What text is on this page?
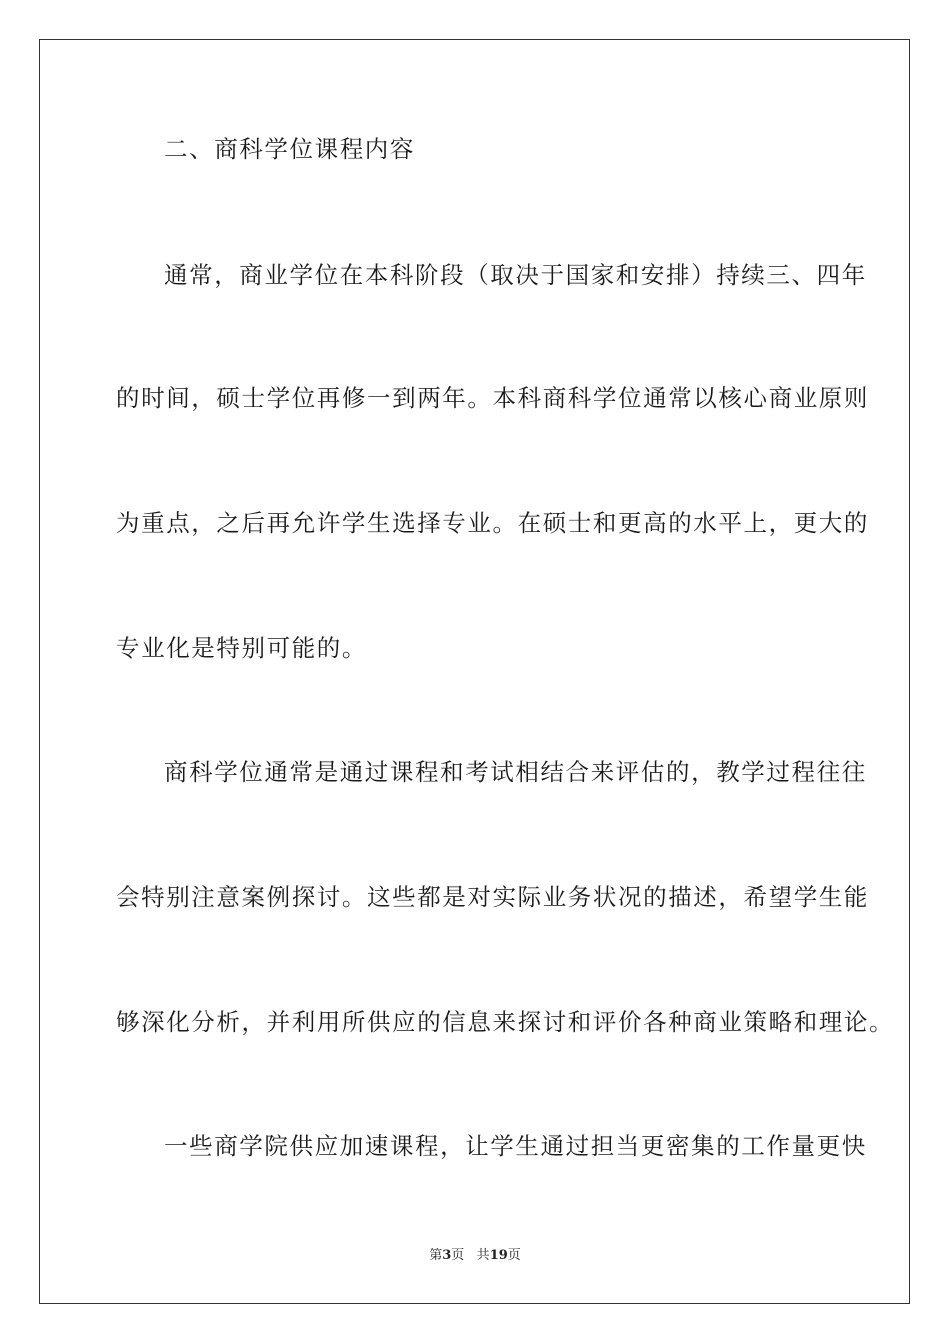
二、商科学位课程内容
通常，商业学位在本科阶段（取决于国家和安排）持续三、四年
的时间，硕士学位再修一到两年。本科商科学位通常以核心商业原则
为重点，之后再允许学生选择专业。在硕士和更高的水平上，更大的
专业化是特别可能的。
商科学位通常是通过课程和考试相结合来评估的，教学过程往往
会特别注意案例探讨。这些都是对实际业务状况的描述，希望学生能
够深化分析，并利用所供应的信息来探讨和评价各种商业策略和理论。
一些商学院供应加速课程，让学生通过担当更密集的工作量更快
第3页 共19页
